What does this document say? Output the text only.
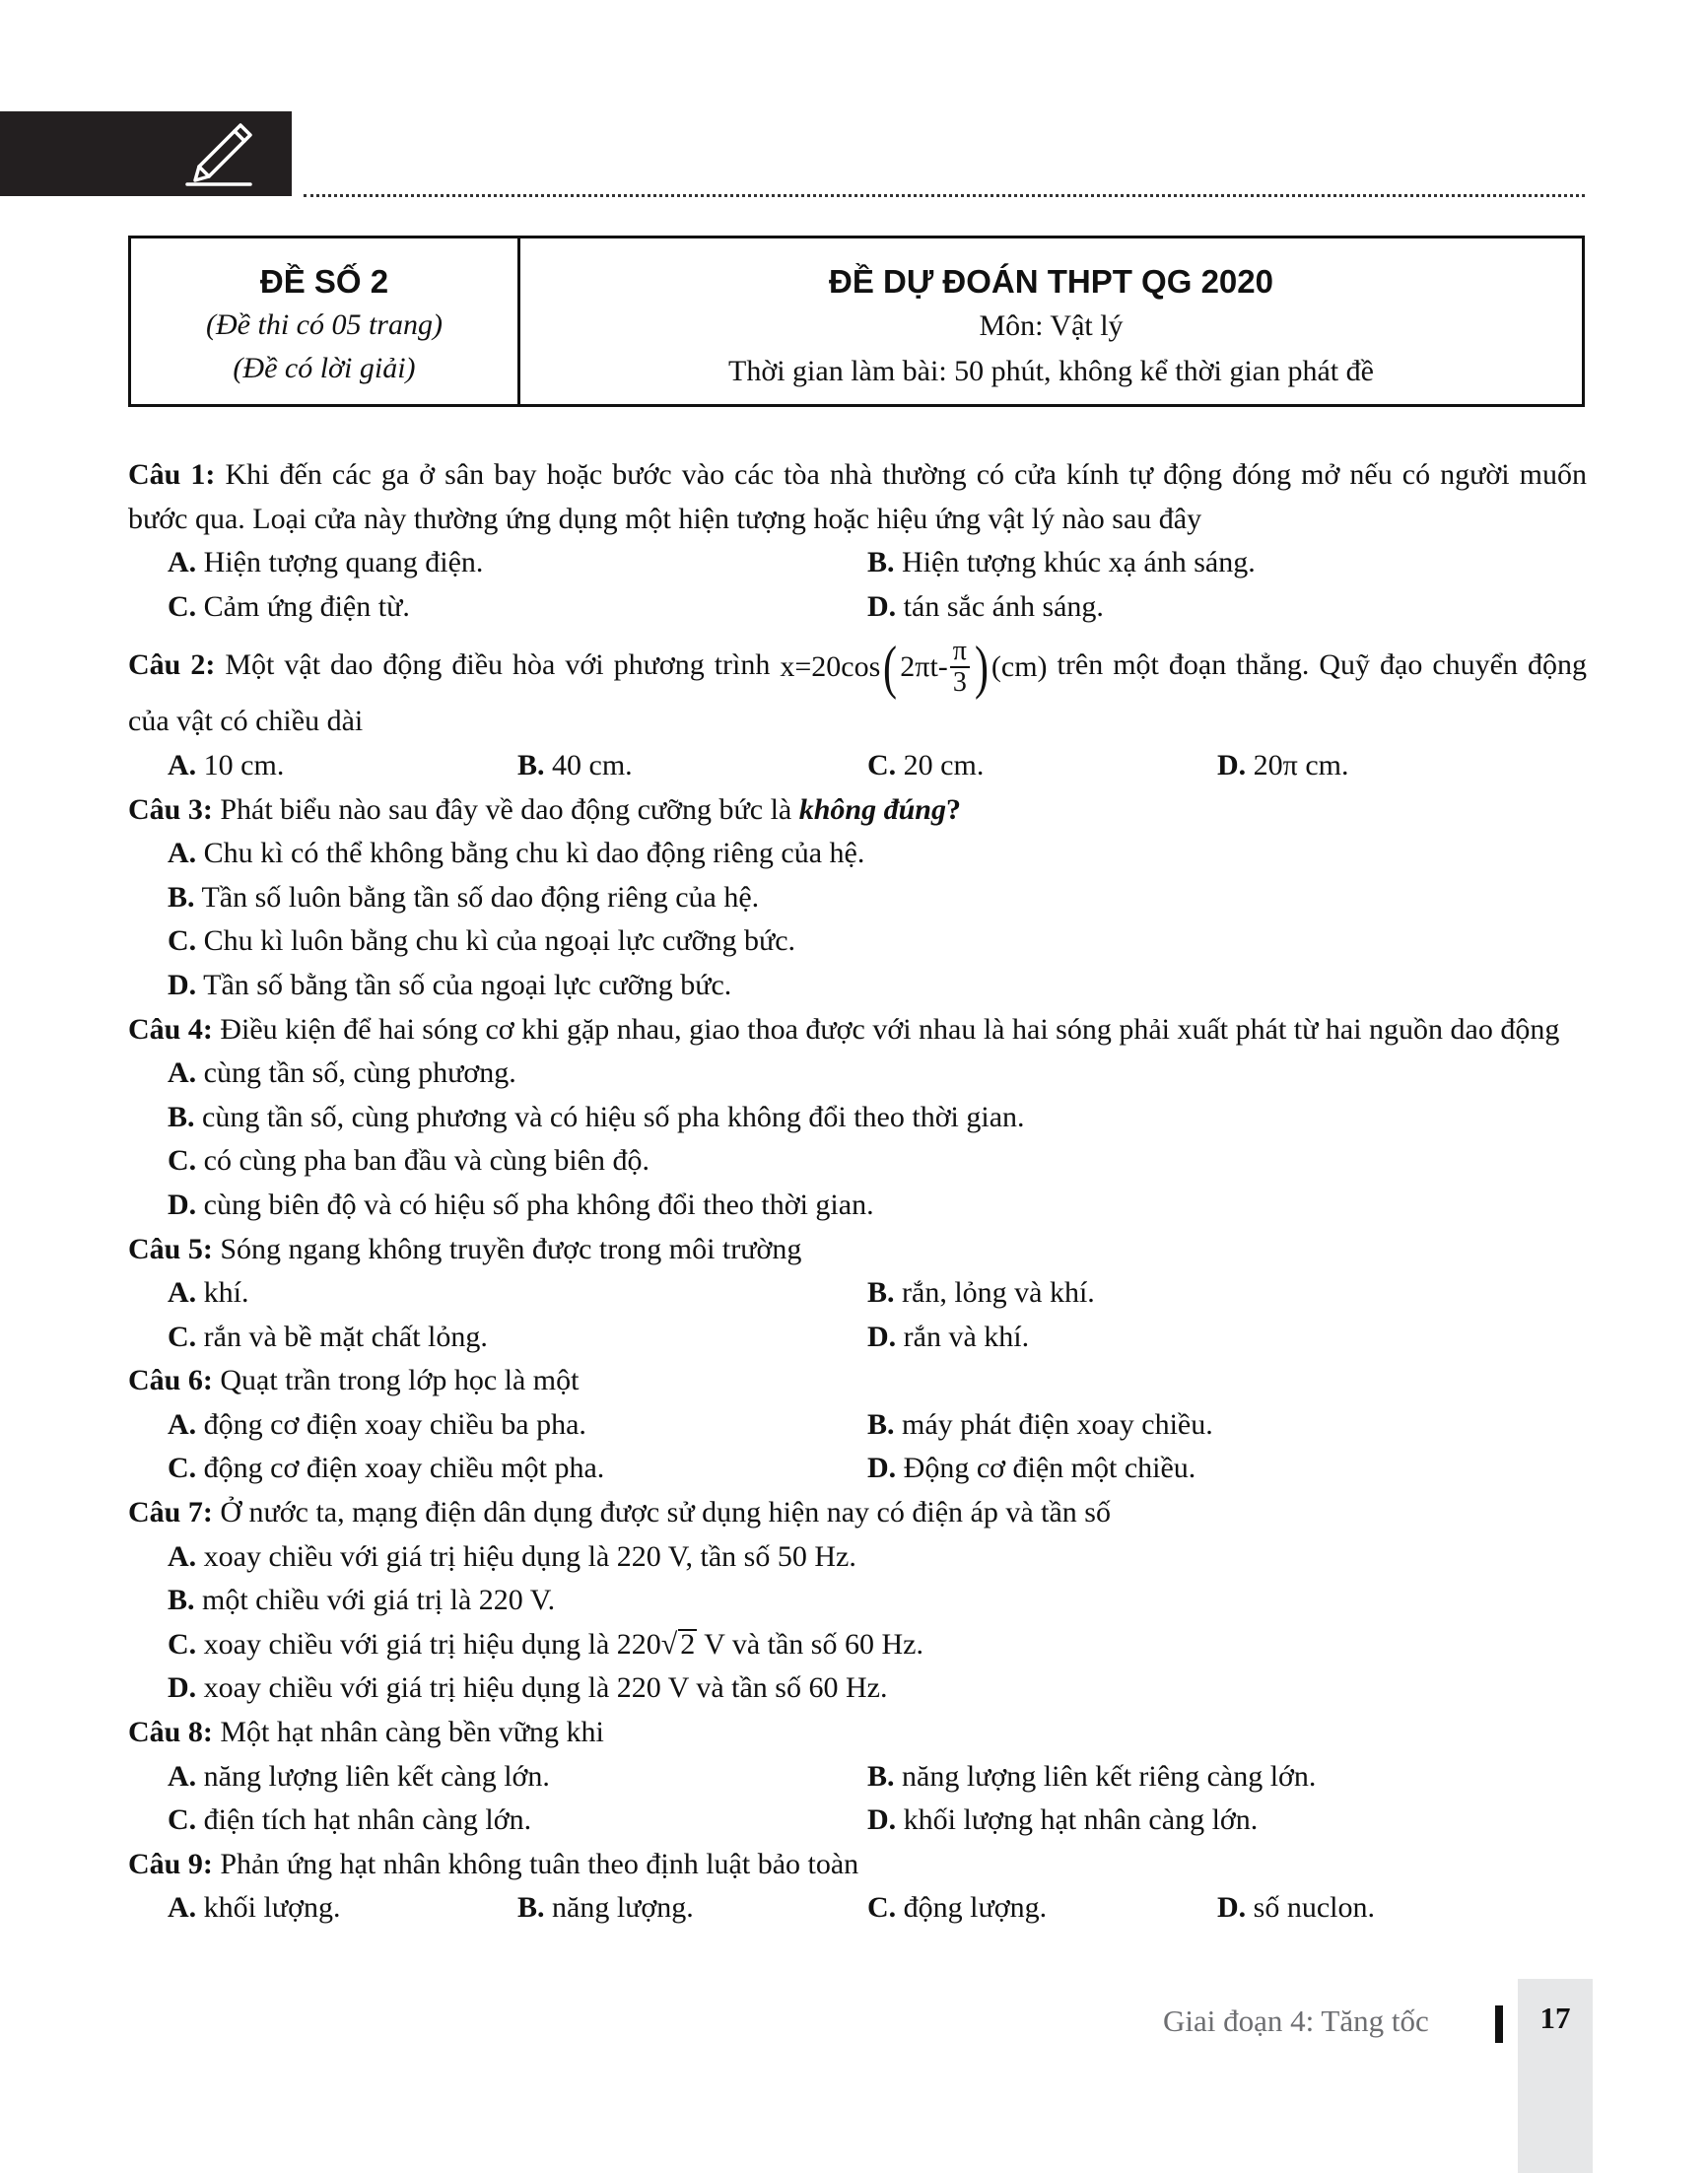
ĐỀ SỐ 2
(Đề thi có 05 trang)
(Đề có lời giải)
ĐỀ DỰ ĐOÁN THPT QG 2020
Môn: Vật lý
Thời gian làm bài: 50 phút, không kể thời gian phát đề
Câu 1: Khi đến các ga ở sân bay hoặc bước vào các tòa nhà thường có cửa kính tự động đóng mở nếu có người muốn bước qua. Loại cửa này thường ứng dụng một hiện tượng hoặc hiệu ứng vật lý nào sau đây
A. Hiện tượng quang điện.	B. Hiện tượng khúc xạ ánh sáng.
C. Cảm ứng điện từ.	D. tán sắc ánh sáng.
Câu 2: Một vật dao động điều hòa với phương trình x=20cos ( $2\pi t- \frac{\pi}{3}$ ) (cm) trên một đoạn thẳng. Quỹ đạo chuyển động của vật có chiều dài
A. 10 cm.	B. 40 cm.	C. 20 cm.	D. 20π cm.
Câu 3: Phát biểu nào sau đây về dao động cưỡng bức là không đúng?
A. Chu kì có thể không bằng chu kì dao động riêng của hệ.
B. Tần số luôn bằng tần số dao động riêng của hệ.
C. Chu kì luôn bằng chu kì của ngoại lực cưỡng bức.
D. Tần số bằng tần số của ngoại lực cưỡng bức.
Câu 4: Điều kiện để hai sóng cơ khi gặp nhau, giao thoa được với nhau là hai sóng phải xuất phát từ hai nguồn dao động
A. cùng tần số, cùng phương.
B. cùng tần số, cùng phương và có hiệu số pha không đổi theo thời gian.
C. có cùng pha ban đầu và cùng biên độ.
D. cùng biên độ và có hiệu số pha không đổi theo thời gian.
Câu 5: Sóng ngang không truyền được trong môi trường
A. khí.	B. rắn, lỏng và khí.
C. rắn và bề mặt chất lỏng.	D. rắn và khí.
Câu 6: Quạt trần trong lớp học là một
A. động cơ điện xoay chiều ba pha.	B. máy phát điện xoay chiều.
C. động cơ điện xoay chiều một pha.	D. Động cơ điện một chiều.
Câu 7: Ở nước ta, mạng điện dân dụng được sử dụng hiện nay có điện áp và tần số
A. xoay chiều với giá trị hiệu dụng là 220 V, tần số 50 Hz.
B. một chiều với giá trị là 220 V.
C. xoay chiều với giá trị hiệu dụng là 220√ 2 V và tần số 60 Hz.
D. xoay chiều với giá trị hiệu dụng là 220 V và tần số 60 Hz.
Câu 8: Một hạt nhân càng bền vững khi
A. năng lượng liên kết càng lớn.	B. năng lượng liên kết riêng càng lớn.
C. điện tích hạt nhân càng lớn.	D. khối lượng hạt nhân càng lớn.
Câu 9: Phản ứng hạt nhân không tuân theo định luật bảo toàn
A. khối lượng.	B. năng lượng.	C. động lượng.	D. số nuclon.
Giai đoạn 4: Tăng tốc	17
